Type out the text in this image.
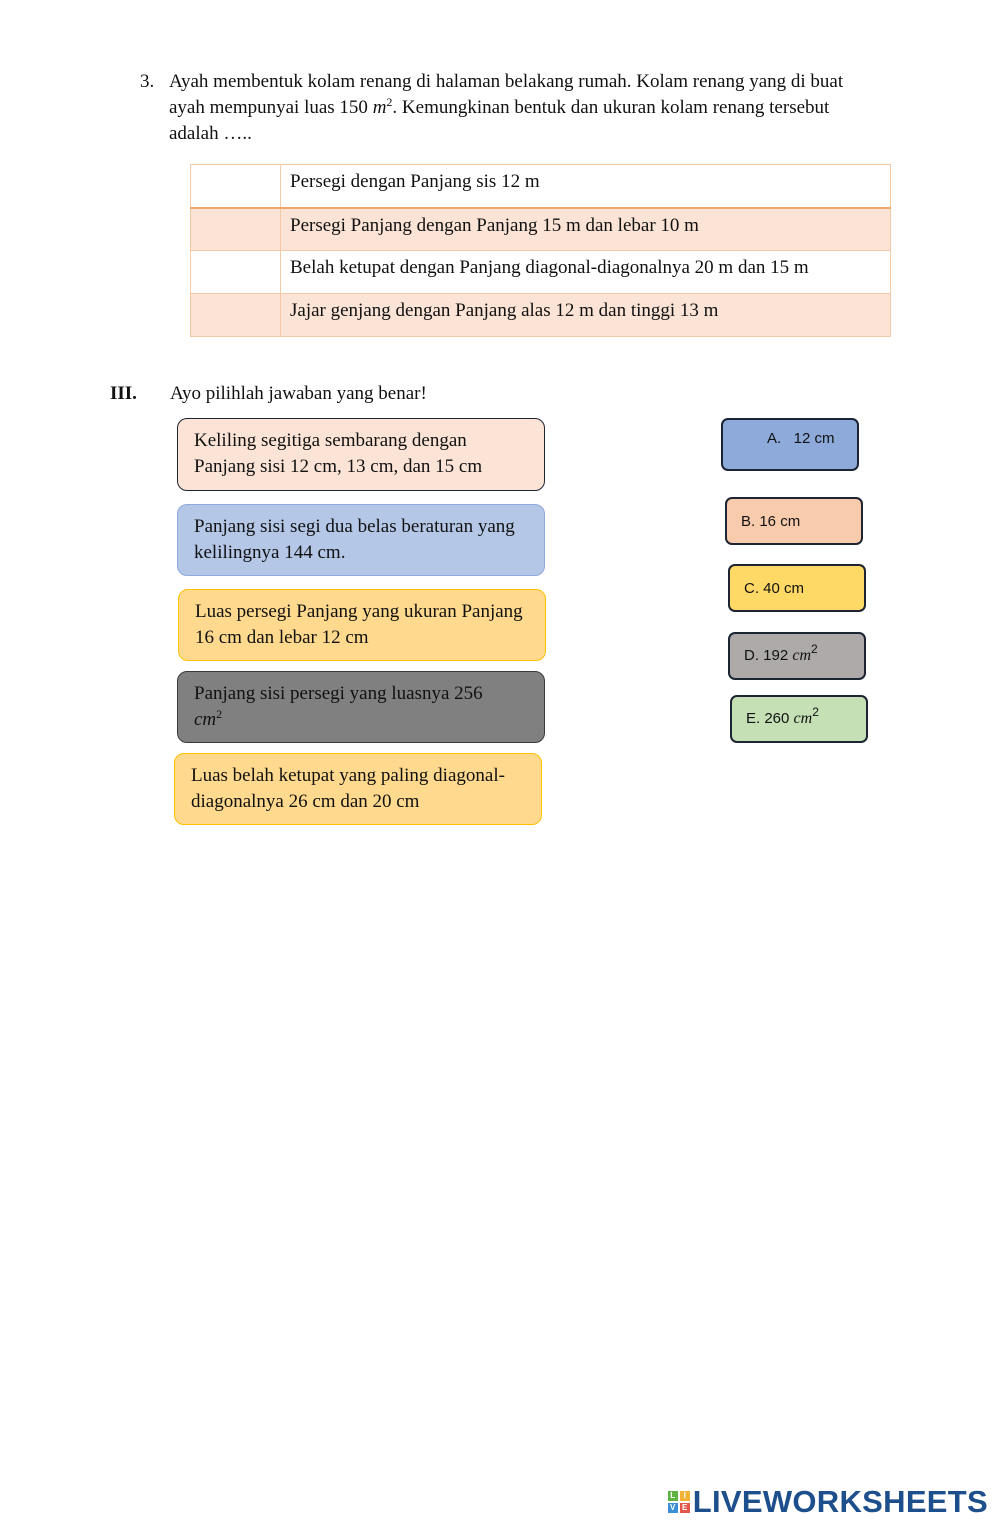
3. Ayah membentuk kolam renang di halaman belakang rumah. Kolam renang yang di buat ayah mempunyai luas 150 $m^2$. Kemungkinan bentuk dan ukuran kolam renang tersebut adalah …..
	Persegi dengan Panjang sis 12 m
	Persegi Panjang dengan Panjang 15 m dan lebar 10 m
	Belah ketupat dengan Panjang diagonal-diagonalnya 20 m dan 15 m
	Jajar genjang dengan Panjang alas 12 m dan tinggi 13 m
III. Ayo pilihlah jawaban yang benar!
Keliling segitiga sembarang dengan Panjang sisi 12 cm, 13 cm, dan 15 cm
Panjang sisi segi dua belas beraturan yang kelilingnya 144 cm.
Luas persegi Panjang yang ukuran Panjang 16 cm dan lebar 12 cm
Panjang sisi persegi yang luasnya 256
$cm^2$
Luas belah ketupat yang paling diagonal-diagonalnya 26 cm dan 20 cm
A.   12 cm
B. 16 cm
C. 40 cm
D. 192 $cm^2$
E. 260 $cm^2$
L	I
V E LIVEWORKSHEETS
